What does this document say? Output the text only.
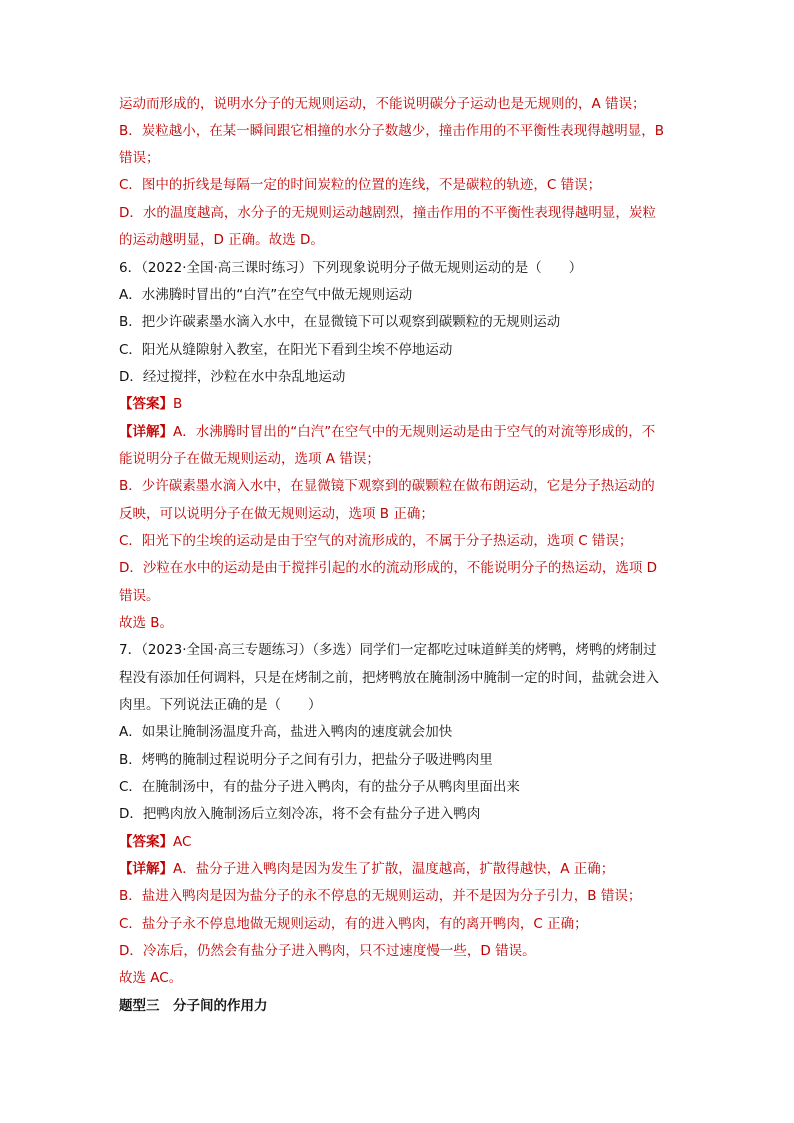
运动而形成的，说明水分子的无规则运动，不能说明碳分子运动也是无规则的，A 错误；
B．炭粒越小，在某一瞬间跟它相撞的水分子数越少，撞击作用的不平衡性表现得越明显，B
错误；
C．图中的折线是每隔一定的时间炭粒的位置的连线，不是碳粒的轨迹，C 错误；
D．水的温度越高，水分子的无规则运动越剧烈，撞击作用的不平衡性表现得越明显，炭粒
的运动越明显，D 正确。故选 D。
6．（2022·全国·高三课时练习）下列现象说明分子做无规则运动的是（　　）
A．水沸腾时冒出的“白汽”在空气中做无规则运动
B．把少许碳素墨水滴入水中，在显微镜下可以观察到碳颗粒的无规则运动
C．阳光从缝隙射入教室，在阳光下看到尘埃不停地运动
D．经过搅拌，沙粒在水中杂乱地运动
【答案】B
【详解】A．水沸腾时冒出的“白汽”在空气中的无规则运动是由于空气的对流等形成的，不
能说明分子在做无规则运动，选项 A 错误；
B．少许碳素墨水滴入水中，在显微镜下观察到的碳颗粒在做布朗运动，它是分子热运动的
反映，可以说明分子在做无规则运动，选项 B 正确；
C．阳光下的尘埃的运动是由于空气的对流形成的，不属于分子热运动，选项 C 错误；
D．沙粒在水中的运动是由于搅拌引起的水的流动形成的，不能说明分子的热运动，选项 D
错误。
故选 B。
7．（2023·全国·高三专题练习）（多选）同学们一定都吃过味道鲜美的烤鸭，烤鸭的烤制过
程没有添加任何调料，只是在烤制之前，把烤鸭放在腌制汤中腌制一定的时间，盐就会进入
肉里。下列说法正确的是（　　）
A．如果让腌制汤温度升高，盐进入鸭肉的速度就会加快
B．烤鸭的腌制过程说明分子之间有引力，把盐分子吸进鸭肉里
C．在腌制汤中，有的盐分子进入鸭肉，有的盐分子从鸭肉里面出来
D．把鸭肉放入腌制汤后立刻冷冻，将不会有盐分子进入鸭肉
【答案】AC
【详解】A．盐分子进入鸭肉是因为发生了扩散，温度越高，扩散得越快，A 正确；
B．盐进入鸭肉是因为盐分子的永不停息的无规则运动，并不是因为分子引力，B 错误；
C．盐分子永不停息地做无规则运动，有的进入鸭肉，有的离开鸭肉，C 正确；
D．冷冻后，仍然会有盐分子进入鸭肉，只不过速度慢一些，D 错误。
故选 AC。
题型三　分子间的作用力
